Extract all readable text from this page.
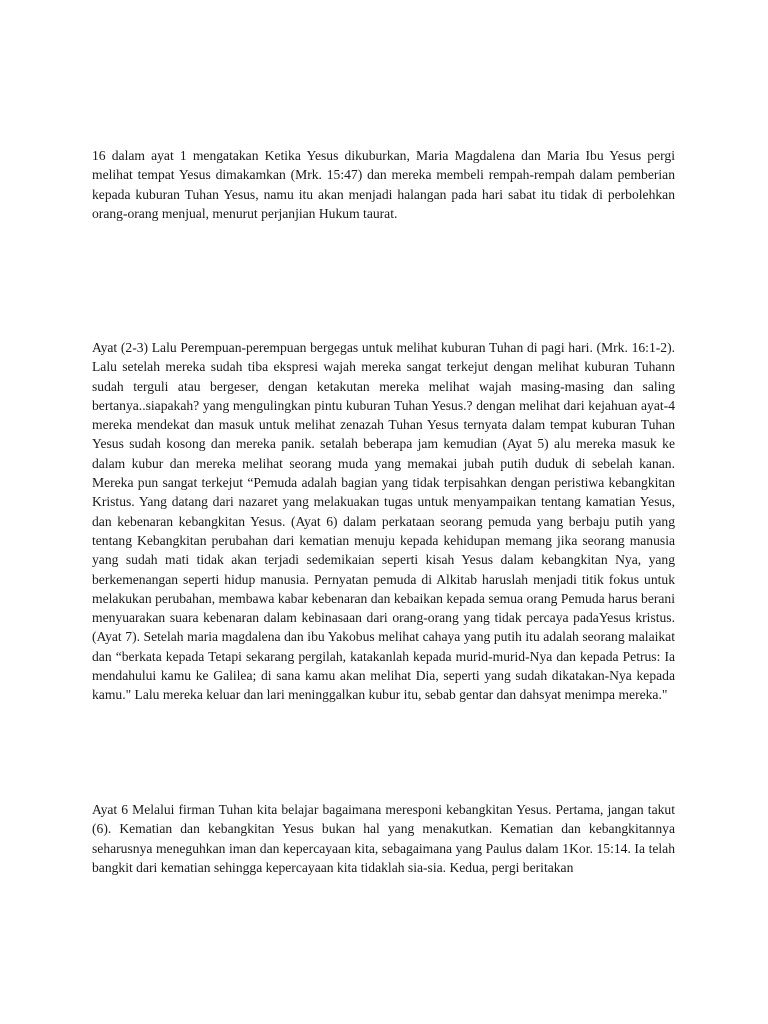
16 dalam ayat 1 mengatakan Ketika Yesus dikuburkan, Maria Magdalena dan Maria Ibu Yesus pergi melihat tempat Yesus dimakamkan (Mrk. 15:47) dan mereka membeli rempah-rempah dalam pemberian kepada kuburan Tuhan Yesus, namu itu akan menjadi halangan pada hari sabat itu tidak di perbolehkan orang-orang menjual, menurut perjanjian Hukum taurat.

Ayat (2-3) Lalu Perempuan-perempuan bergegas untuk melihat kuburan Tuhan di pagi hari. (Mrk. 16:1-2). Lalu setelah mereka sudah tiba ekspresi wajah mereka sangat terkejut dengan melihat kuburan Tuhann sudah terguli atau bergeser, dengan ketakutan mereka melihat wajah masing-masing dan saling bertanya..siapakah? yang mengulingkan pintu kuburan Tuhan Yesus.? dengan melihat dari kejahuan ayat-4 mereka mendekat dan masuk untuk melihat zenazah Tuhan Yesus ternyata dalam tempat kuburan Tuhan Yesus sudah kosong dan mereka panik. setalah beberapa jam kemudian (Ayat 5) alu mereka masuk ke dalam kubur dan mereka melihat seorang muda yang memakai jubah putih duduk di sebelah kanan. Mereka pun sangat terkejut “Pemuda adalah bagian yang tidak terpisahkan dengan peristiwa kebangkitan Kristus. Yang datang dari nazaret yang melakuakan tugas untuk menyampaikan tentang kamatian Yesus, dan kebenaran kebangkitan Yesus. (Ayat 6) dalam perkataan seorang pemuda yang berbaju putih yang tentang Kebangkitan perubahan dari kematian menuju kepada kehidupan memang jika seorang manusia yang sudah mati tidak akan terjadi sedemikaian seperti kisah Yesus dalam kebangkitan Nya, yang berkemenangan seperti hidup manusia. Pernyatan pemuda di Alkitab haruslah menjadi titik fokus untuk melakukan perubahan, membawa kabar kebenaran dan kebaikan kepada semua orang Pemuda harus berani menyuarakan suara kebenaran dalam kebinasaan dari orang-orang yang tidak percaya padaYesus kristus. (Ayat 7). Setelah maria magdalena dan ibu Yakobus melihat cahaya yang putih itu adalah seorang malaikat dan “berkata kepada Tetapi sekarang pergilah, katakanlah kepada murid-murid-Nya dan kepada Petrus: Ia mendahului kamu ke Galilea; di sana kamu akan melihat Dia, seperti yang sudah dikatakan-Nya kepada kamu." Lalu mereka keluar dan lari meninggalkan kubur itu, sebab gentar dan dahsyat menimpa mereka."

Ayat 6 Melalui firman Tuhan kita belajar bagaimana meresponi kebangkitan Yesus. Pertama, jangan takut (6). Kematian dan kebangkitan Yesus bukan hal yang menakutkan. Kematian dan kebangkitannya seharusnya meneguhkan iman dan kepercayaan kita, sebagaimana yang Paulus dalam 1Kor. 15:14. Ia telah bangkit dari kematian sehingga kepercayaan kita tidaklah sia-sia. Kedua, pergi beritakan
